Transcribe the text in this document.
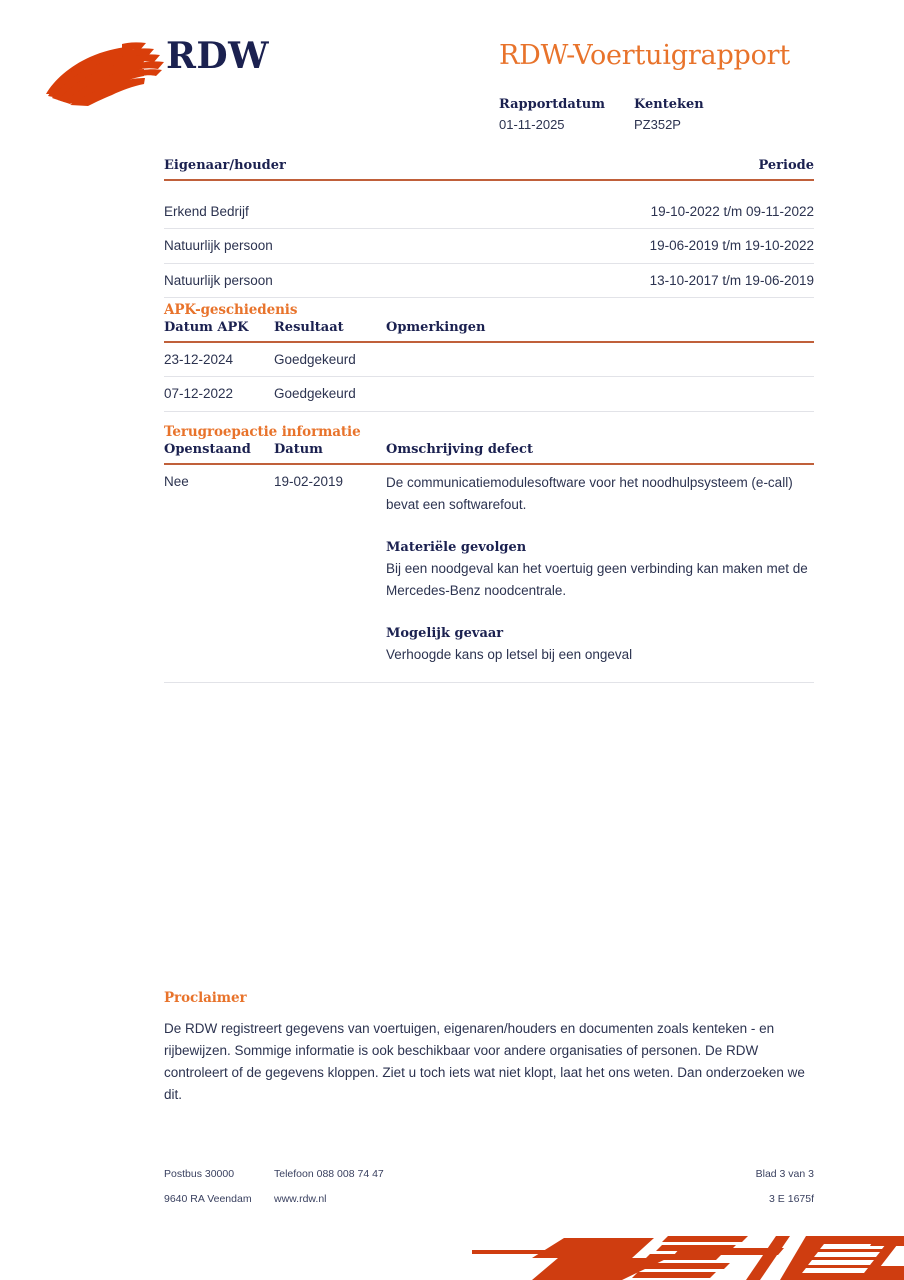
RDW	RDW-Voertuigrapport
Rapportdatum	Kenteken
01-11-2025	PZ352P
Eigenaar/houder	Periode

Erkend Bedrijf	19-10-2022 t/m 09-11-2022
Natuurlijk persoon	19-06-2019 t/m 19-10-2022
Natuurlijk persoon	13-10-2017 t/m 19-06-2019
APK-geschiedenis
Datum APK	Resultaat	Opmerkingen
23-12-2024	Goedgekeurd	
07-12-2022	Goedgekeurd	
Terugroepactie informatie
Openstaand	Datum	Omschrijving defect
Nee	19-02-2019	De communicatiemodulesoftware voor het noodhulpsysteem (e-call) bevat een softwarefout.

Materiële gevolgen

Bij een noodgeval kan het voertuig geen verbinding kan maken met de Mercedes-Benz noodcentrale.

Mogelijk gevaar

Verhoogde kans op letsel bij een ongeval

Proclaimer

De RDW registreert gegevens van voertuigen, eigenaren/houders en documenten zoals kenteken - en rijbewijzen. Sommige informatie is ook beschikbaar voor andere organisaties of personen. De RDW controleert of de gegevens kloppen. Ziet u toch iets wat niet klopt, laat het ons weten. Dan onderzoeken we dit.

Postbus 30000	Telefoon 088 008 74 47	Blad 3 van 3
9640 RA Veendam	www.rdw.nl	3 E 1675f
